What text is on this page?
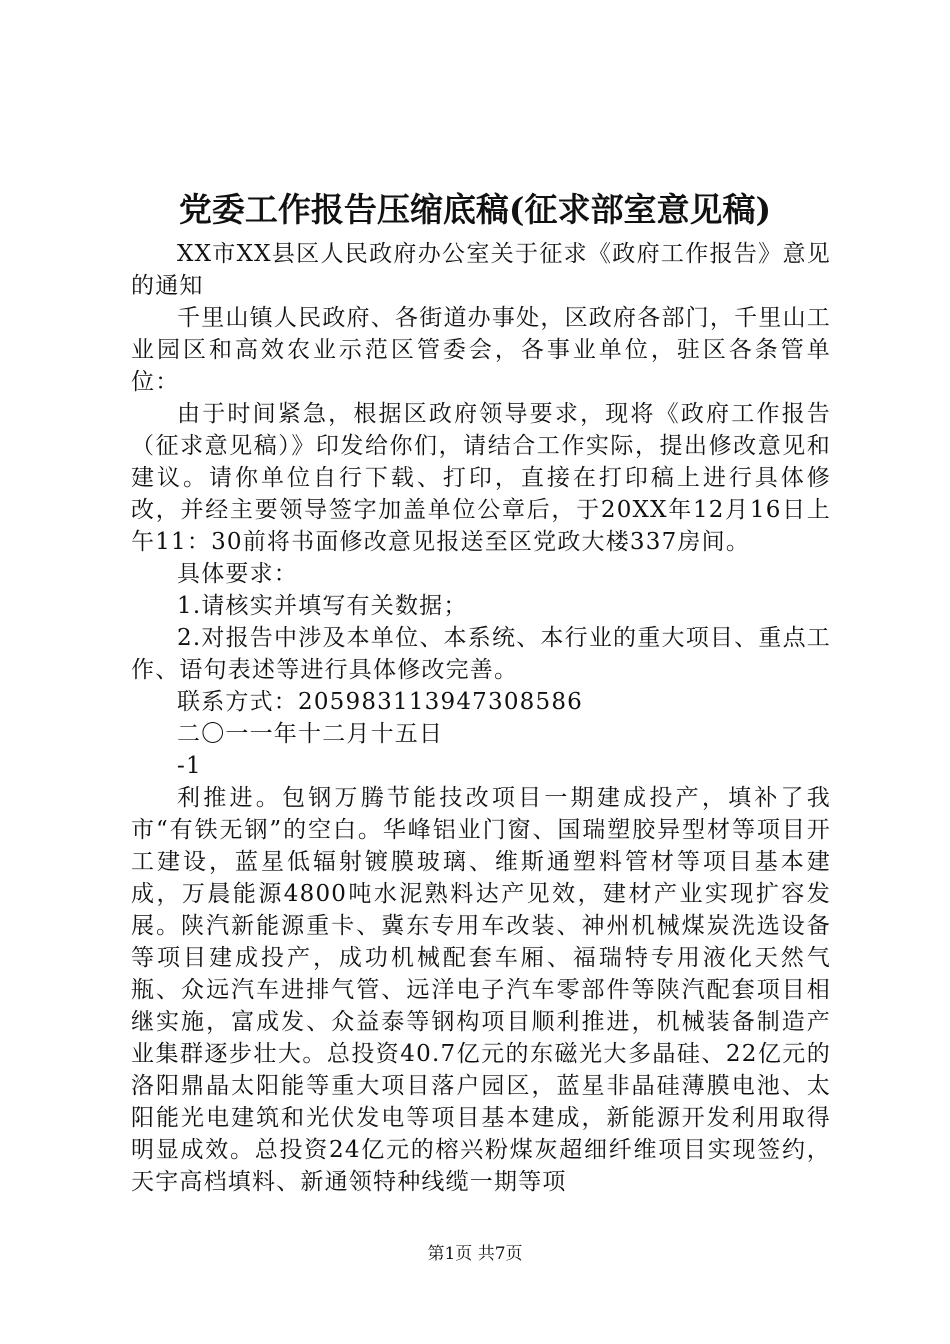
党委工作报告压缩底稿(征求部室意见稿)

XX市XX县区人民政府办公室关于征求《政府工作报告》意见的通知

千里山镇人民政府、各街道办事处，区政府各部门，千里山工业园区和高效农业示范区管委会，各事业单位，驻区各条管单位：

由于时间紧急，根据区政府领导要求，现将《政府工作报告（征求意见稿）》印发给你们，请结合工作实际，提出修改意见和建议。请你单位自行下载、打印，直接在打印稿上进行具体修改，并经主要领导签字加盖单位公章后，于20XX年12月16日上午11：30前将书面修改意见报送至区党政大楼337房间。

具体要求：

1.请核实并填写有关数据；

2.对报告中涉及本单位、本系统、本行业的重大项目、重点工作、语句表述等进行具体修改完善。

联系方式：205983113947308586

二〇一一年十二月十五日

-1

利推进。包钢万腾节能技改项目一期建成投产，填补了我市“有铁无钢”的空白。华峰铝业门窗、国瑞塑胶异型材等项目开工建设，蓝星低辐射镀膜玻璃、维斯通塑料管材等项目基本建成，万晨能源4800吨水泥熟料达产见效，建材产业实现扩容发展。陕汽新能源重卡、冀东专用车改装、神州机械煤炭洗选设备等项目建成投产，成功机械配套车厢、福瑞特专用液化天然气瓶、众远汽车进排气管、远洋电子汽车零部件等陕汽配套项目相继实施，富成发、众益泰等钢构项目顺利推进，机械装备制造产业集群逐步壮大。总投资40.7亿元的东磁光大多晶硅、22亿元的洛阳鼎晶太阳能等重大项目落户园区，蓝星非晶硅薄膜电池、太阳能光电建筑和光伏发电等项目基本建成，新能源开发利用取得明显成效。总投资24亿元的榕兴粉煤灰超细纤维项目实现签约，天宇高档填料、新通领特种线缆一期等项

第1页 共7页
